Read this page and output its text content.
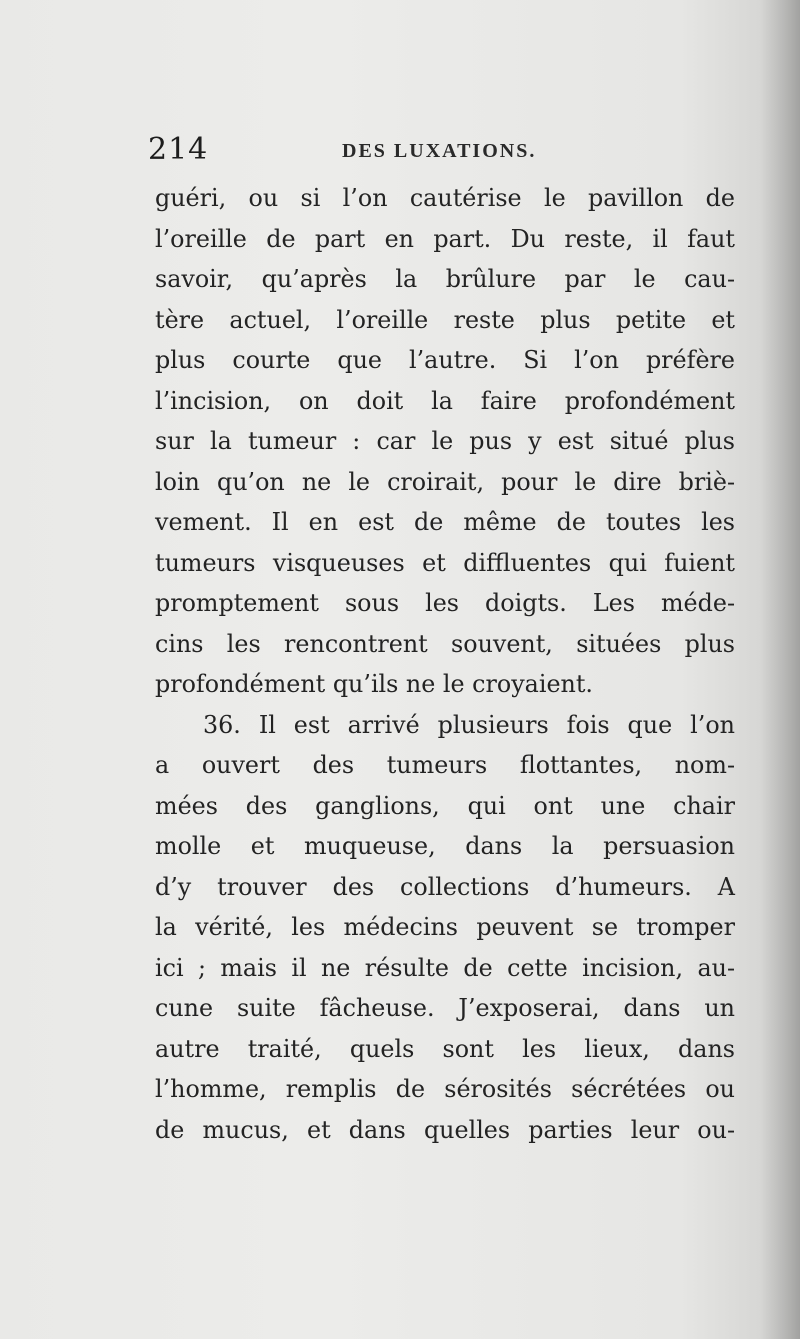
214	DES LUXATIONS.
guéri, ou si l’on cautérise le pavillon de
l’oreille de part en part. Du reste, il faut
savoir, qu’après la brûlure par le cau-
tère actuel, l’oreille reste plus petite et
plus courte que l’autre. Si l’on préfère
l’incision, on doit la faire profondément
sur la tumeur : car le pus y est situé plus
loin qu’on ne le croirait, pour le dire briè-
vement. Il en est de même de toutes les
tumeurs visqueuses et diffluentes qui fuient
promptement sous les doigts. Les méde-
cins les rencontrent souvent, situées plus
profondément qu’ils ne le croyaient.
36. Il est arrivé plusieurs fois que l’on
a ouvert des tumeurs flottantes, nom-
mées des ganglions, qui ont une chair
molle et muqueuse, dans la persuasion
d’y trouver des collections d’humeurs. A
la vérité, les médecins peuvent se tromper
ici ; mais il ne résulte de cette incision, au-
cune suite fâcheuse. J’exposerai, dans un
autre traité, quels sont les lieux, dans
l’homme, remplis de sérosités sécrétées ou
de mucus, et dans quelles parties leur ou-
